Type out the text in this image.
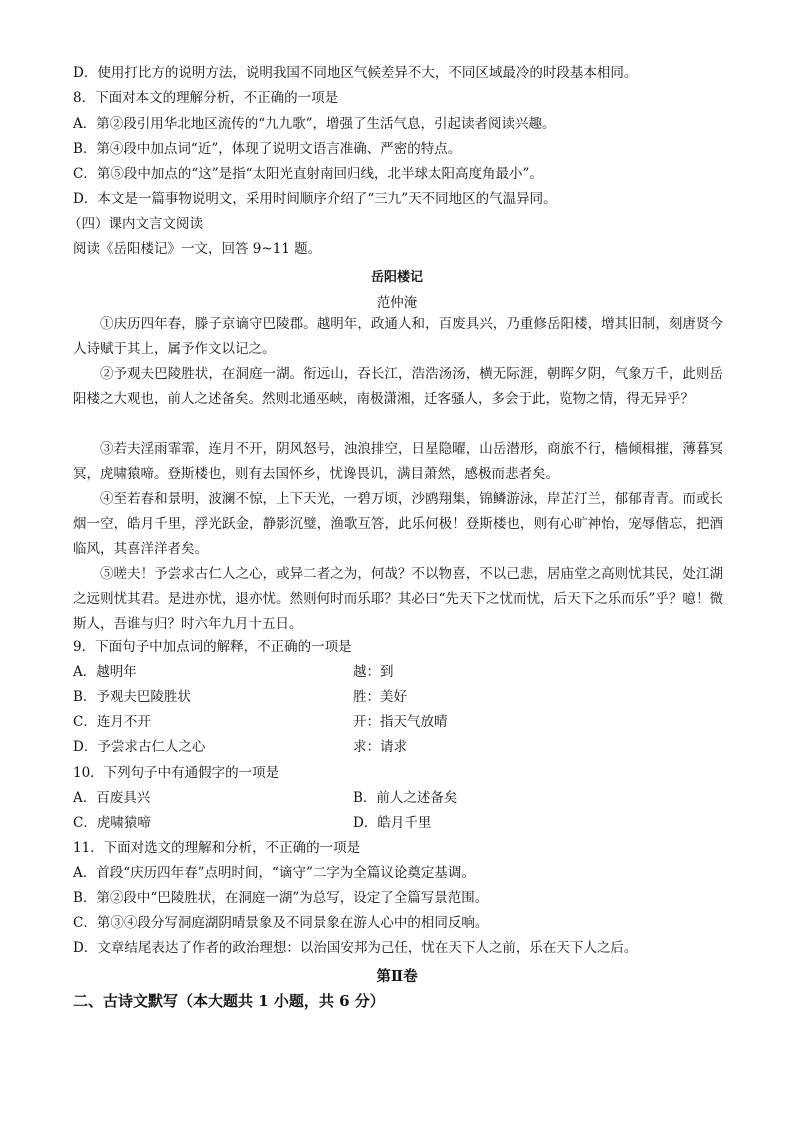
D．使用打比方的说明方法，说明我国不同地区气候差异不大，不同区域最冷的时段基本相同。
8．下面对本文的理解分析，不正确的一项是
A．第②段引用华北地区流传的“九九歌”，增强了生活气息，引起读者阅读兴趣。
B．第④段中加点词“近”，体现了说明文语言准确、严密的特点。
C．第⑤段中加点的“这”是指“太阳光直射南回归线，北半球太阳高度角最小”。
D．本文是一篇事物说明文，采用时间顺序介绍了“三九”天不同地区的气温异同。
（四）课内文言文阅读
阅读《岳阳楼记》一文，回答 9~11 题。
岳阳楼记
范仲淹
①庆历四年春，滕子京谪守巴陵郡。越明年，政通人和，百废具兴，乃重修岳阳楼，增其旧制，刻唐贤今人诗赋于其上，属予作文以记之。
②予观夫巴陵胜状，在洞庭一湖。衔远山，吞长江，浩浩汤汤，横无际涯，朝晖夕阴，气象万千，此则岳阳楼之大观也，前人之述备矣。然则北通巫峡，南极潇湘，迁客骚人，多会于此，览物之情，得无异乎？
③若夫淫雨霏霏，连月不开，阴风怒号，浊浪排空，日星隐曜，山岳潜形，商旅不行，樯倾楫摧，薄暮冥冥，虎啸猿啼。登斯楼也，则有去国怀乡，忧谗畏讥，满目萧然，感极而悲者矣。
④至若春和景明，波澜不惊，上下天光，一碧万顷，沙鸥翔集，锦鳞游泳，岸芷汀兰，郁郁青青。而或长烟一空，皓月千里，浮光跃金，静影沉璧，渔歌互答，此乐何极！登斯楼也，则有心旷神怡，宠辱偕忘，把酒临风，其喜洋洋者矣。
⑤嗟夫！予尝求古仁人之心，或异二者之为，何哉？不以物喜，不以己悲，居庙堂之高则忧其民，处江湖之远则忧其君。是进亦忧，退亦忧。然则何时而乐耶？其必曰“先天下之忧而忧，后天下之乐而乐”乎？噫！微斯人，吾谁与归？时六年九月十五日。
9．下面句子中加点词的解释，不正确的一项是
A．越明年	越：到
B．予观夫巴陵胜状	胜：美好
C．连月不开	开：指天气放晴
D．予尝求古仁人之心	求：请求
10．下列句子中有通假字的一项是
A．百废具兴	B．前人之述备矣
C．虎啸猿啼	D．皓月千里
11．下面对选文的理解和分析，不正确的一项是
A．首段“庆历四年春”点明时间，“谪守”二字为全篇议论奠定基调。
B．第②段中“巴陵胜状，在洞庭一湖”为总写，设定了全篇写景范围。
C．第③④段分写洞庭湖阴晴景象及不同景象在游人心中的相同反响。
D．文章结尾表达了作者的政治理想：以治国安邦为己任，忧在天下人之前，乐在天下人之后。
第Ⅱ卷
二、古诗文默写（本大题共 1 小题，共 6 分）
